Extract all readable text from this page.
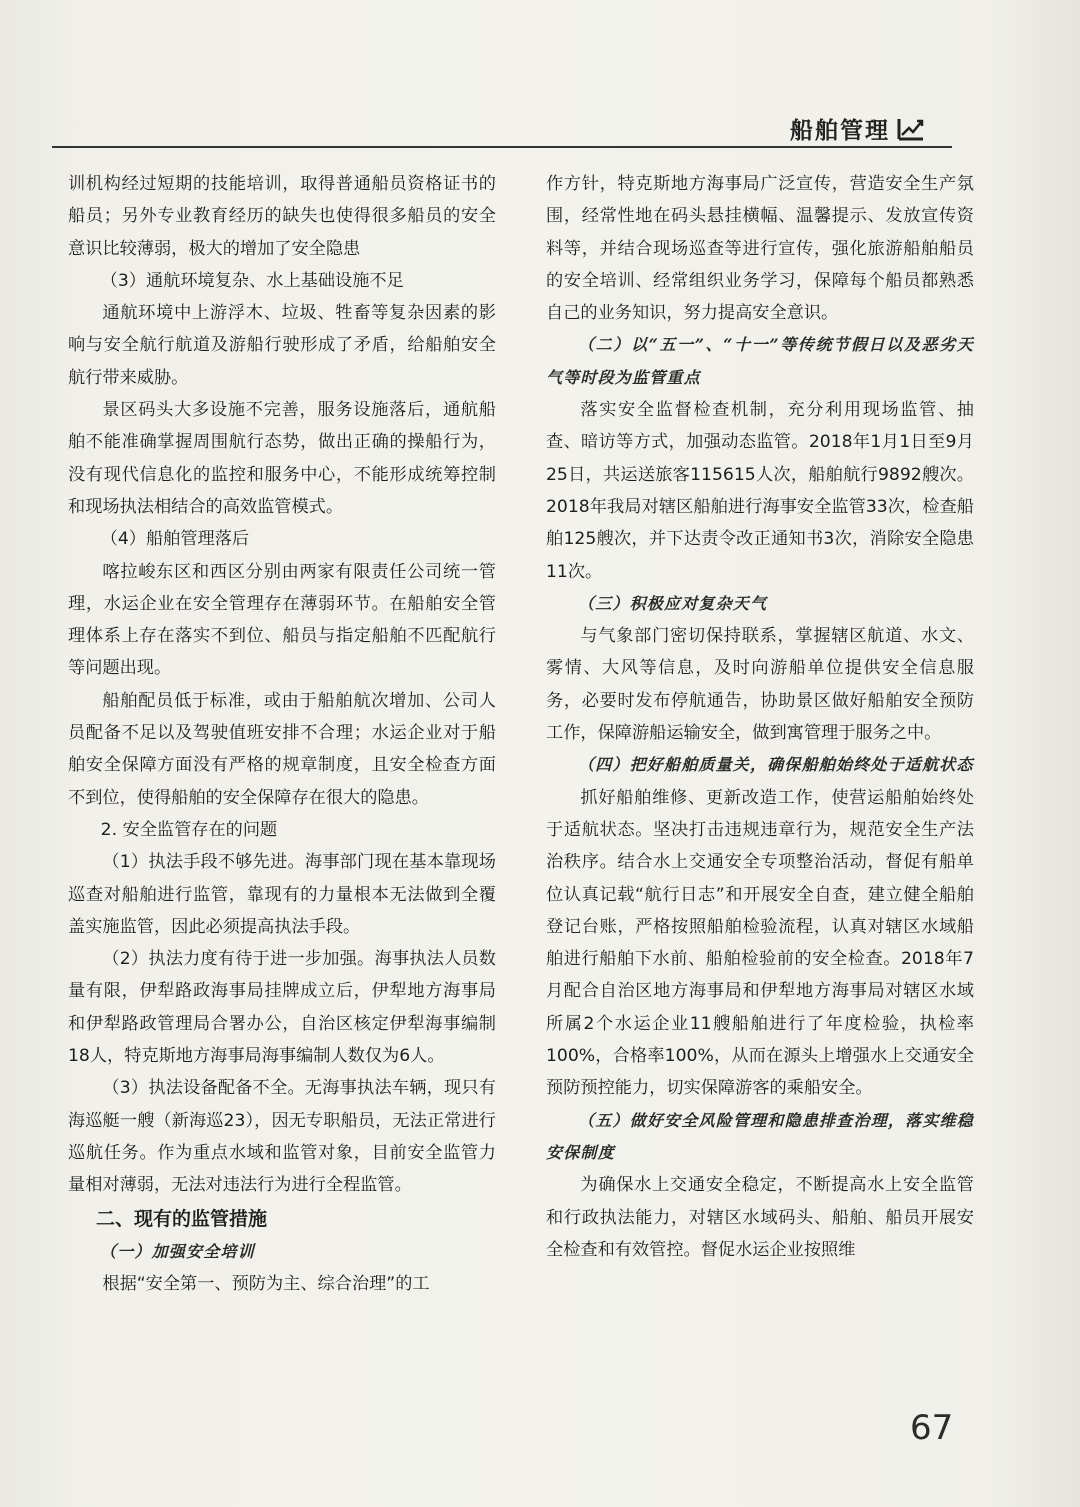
船舶管理

训机构经过短期的技能培训，取得普通船员资格证书的船员；另外专业教育经历的缺失也使得很多船员的安全意识比较薄弱，极大的增加了安全隐患

（3）通航环境复杂、水上基础设施不足

通航环境中上游浮木、垃圾、牲畜等复杂因素的影响与安全航行航道及游船行驶形成了矛盾，给船舶安全航行带来威胁。

景区码头大多设施不完善，服务设施落后，通航船舶不能准确掌握周围航行态势，做出正确的操船行为，没有现代信息化的监控和服务中心，不能形成统筹控制和现场执法相结合的高效监管模式。

（4）船舶管理落后

喀拉峻东区和西区分别由两家有限责任公司统一管理，水运企业在安全管理存在薄弱环节。在船舶安全管理体系上存在落实不到位、船员与指定船舶不匹配航行等问题出现。

船舶配员低于标准，或由于船舶航次增加、公司人员配备不足以及驾驶值班安排不合理；水运企业对于船舶安全保障方面没有严格的规章制度，且安全检查方面不到位，使得船舶的安全保障存在很大的隐患。

2. 安全监管存在的问题

（1）执法手段不够先进。海事部门现在基本靠现场巡查对船舶进行监管，靠现有的力量根本无法做到全覆盖实施监管，因此必须提高执法手段。

（2）执法力度有待于进一步加强。海事执法人员数量有限，伊犁路政海事局挂牌成立后，伊犁地方海事局和伊犁路政管理局合署办公，自治区核定伊犁海事编制18人，特克斯地方海事局海事编制人数仅为6人。

（3）执法设备配备不全。无海事执法车辆，现只有海巡艇一艘（新海巡23），因无专职船员，无法正常进行巡航任务。作为重点水域和监管对象，目前安全监管力量相对薄弱，无法对违法行为进行全程监管。

二、现有的监管措施

（一）加强安全培训

根据“安全第一、预防为主、综合治理”的工

作方针，特克斯地方海事局广泛宣传，营造安全生产氛围，经常性地在码头悬挂横幅、温馨提示、发放宣传资料等，并结合现场巡查等进行宣传，强化旅游船舶船员的安全培训、经常组织业务学习，保障每个船员都熟悉自己的业务知识，努力提高安全意识。

（二）以“五一”、“十一”等传统节假日以及恶劣天气等时段为监管重点

落实安全监督检查机制，充分利用现场监管、抽查、暗访等方式，加强动态监管。2018年1月1日至9月25日，共运送旅客115615人次，船舶航行9892艘次。2018年我局对辖区船舶进行海事安全监管33次，检查船舶125艘次，并下达责令改正通知书3次，消除安全隐患11次。

（三）积极应对复杂天气

与气象部门密切保持联系，掌握辖区航道、水文、雾情、大风等信息，及时向游船单位提供安全信息服务，必要时发布停航通告，协助景区做好船舶安全预防工作，保障游船运输安全，做到寓管理于服务之中。

（四）把好船舶质量关，确保船舶始终处于适航状态

抓好船舶维修、更新改造工作，使营运船舶始终处于适航状态。坚决打击违规违章行为，规范安全生产法治秩序。结合水上交通安全专项整治活动，督促有船单位认真记载“航行日志”和开展安全自查，建立健全船舶登记台账，严格按照船舶检验流程，认真对辖区水域船舶进行船舶下水前、船舶检验前的安全检查。2018年7月配合自治区地方海事局和伊犁地方海事局对辖区水域所属2个水运企业11艘船舶进行了年度检验，执检率100%，合格率100%，从而在源头上增强水上交通安全预防预控能力，切实保障游客的乘船安全。

（五）做好安全风险管理和隐患排查治理，落实维稳安保制度

为确保水上交通安全稳定，不断提高水上安全监管和行政执法能力，对辖区水域码头、船舶、船员开展安全检查和有效管控。督促水运企业按照维

67
